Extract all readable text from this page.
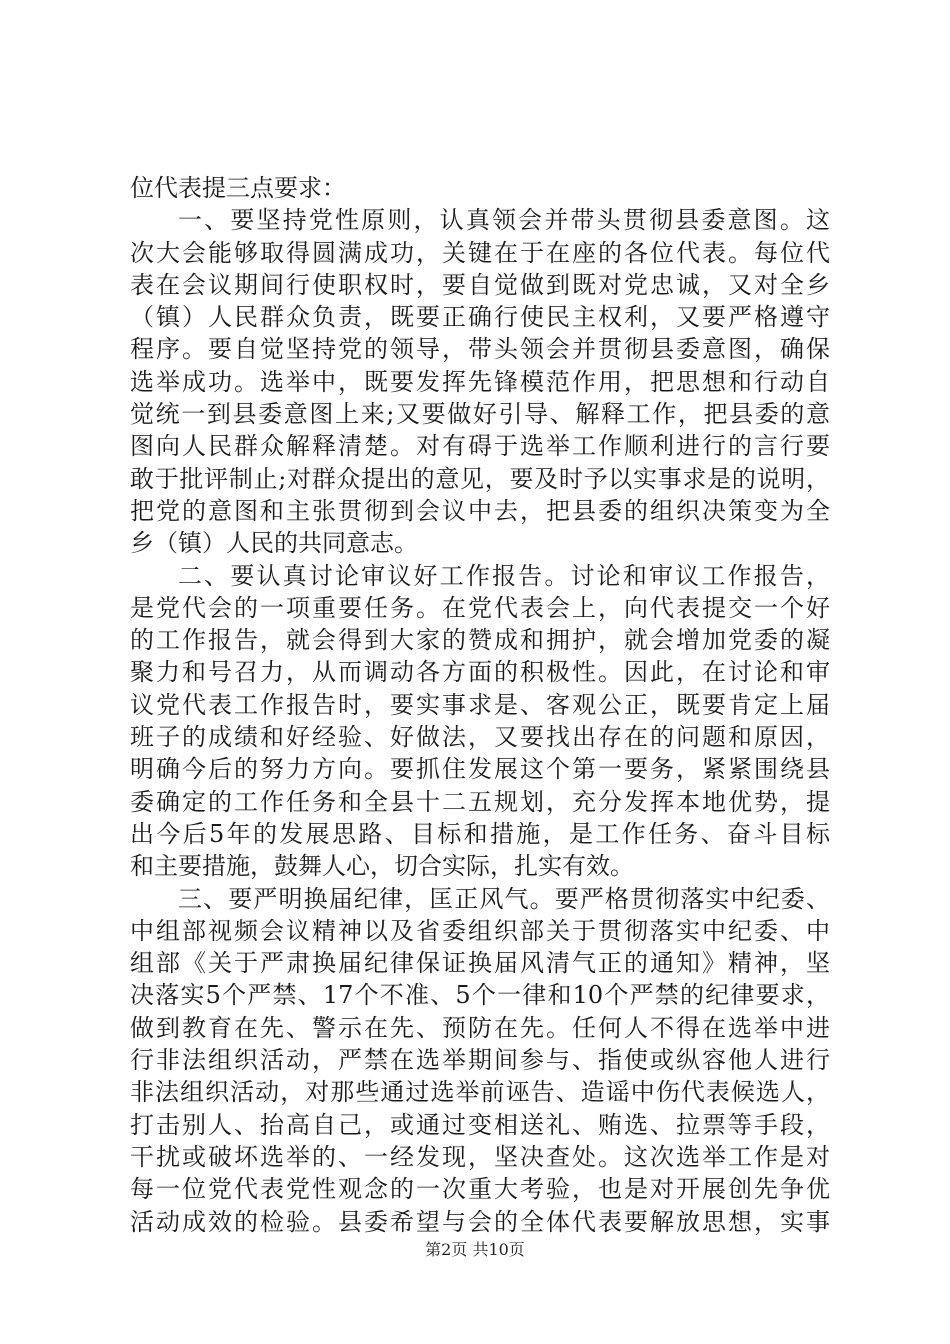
位代表提三点要求：
一、要坚持党性原则，认真领会并带头贯彻县委意图。这
次大会能够取得圆满成功，关键在于在座的各位代表。每位代
表在会议期间行使职权时，要自觉做到既对党忠诚，又对全乡
（镇）人民群众负责，既要正确行使民主权利，又要严格遵守
程序。要自觉坚持党的领导，带头领会并贯彻县委意图，确保
选举成功。选举中，既要发挥先锋模范作用，把思想和行动自
觉统一到县委意图上来;又要做好引导、解释工作，把县委的意
图向人民群众解释清楚。对有碍于选举工作顺利进行的言行要
敢于批评制止;对群众提出的意见，要及时予以实事求是的说明，
把党的意图和主张贯彻到会议中去，把县委的组织决策变为全
乡（镇）人民的共同意志。
二、要认真讨论审议好工作报告。讨论和审议工作报告，
是党代会的一项重要任务。在党代表会上，向代表提交一个好
的工作报告，就会得到大家的赞成和拥护，就会增加党委的凝
聚力和号召力，从而调动各方面的积极性。因此，在讨论和审
议党代表工作报告时，要实事求是、客观公正，既要肯定上届
班子的成绩和好经验、好做法，又要找出存在的问题和原因，
明确今后的努力方向。要抓住发展这个第一要务，紧紧围绕县
委确定的工作任务和全县十二五规划，充分发挥本地优势，提
出今后5年的发展思路、目标和措施，是工作任务、奋斗目标
和主要措施，鼓舞人心，切合实际，扎实有效。
三、要严明换届纪律，匡正风气。要严格贯彻落实中纪委、
中组部视频会议精神以及省委组织部关于贯彻落实中纪委、中
组部《关于严肃换届纪律保证换届风清气正的通知》精神，坚
决落实5个严禁、17个不准、5个一律和10个严禁的纪律要求，
做到教育在先、警示在先、预防在先。任何人不得在选举中进
行非法组织活动，严禁在选举期间参与、指使或纵容他人进行
非法组织活动，对那些通过选举前诬告、造谣中伤代表候选人，
打击别人、抬高自己，或通过变相送礼、贿选、拉票等手段，
干扰或破坏选举的、一经发现，坚决查处。这次选举工作是对
每一位党代表党性观念的一次重大考验，也是对开展创先争优
活动成效的检验。县委希望与会的全体代表要解放思想，实事
第2页 共10页
